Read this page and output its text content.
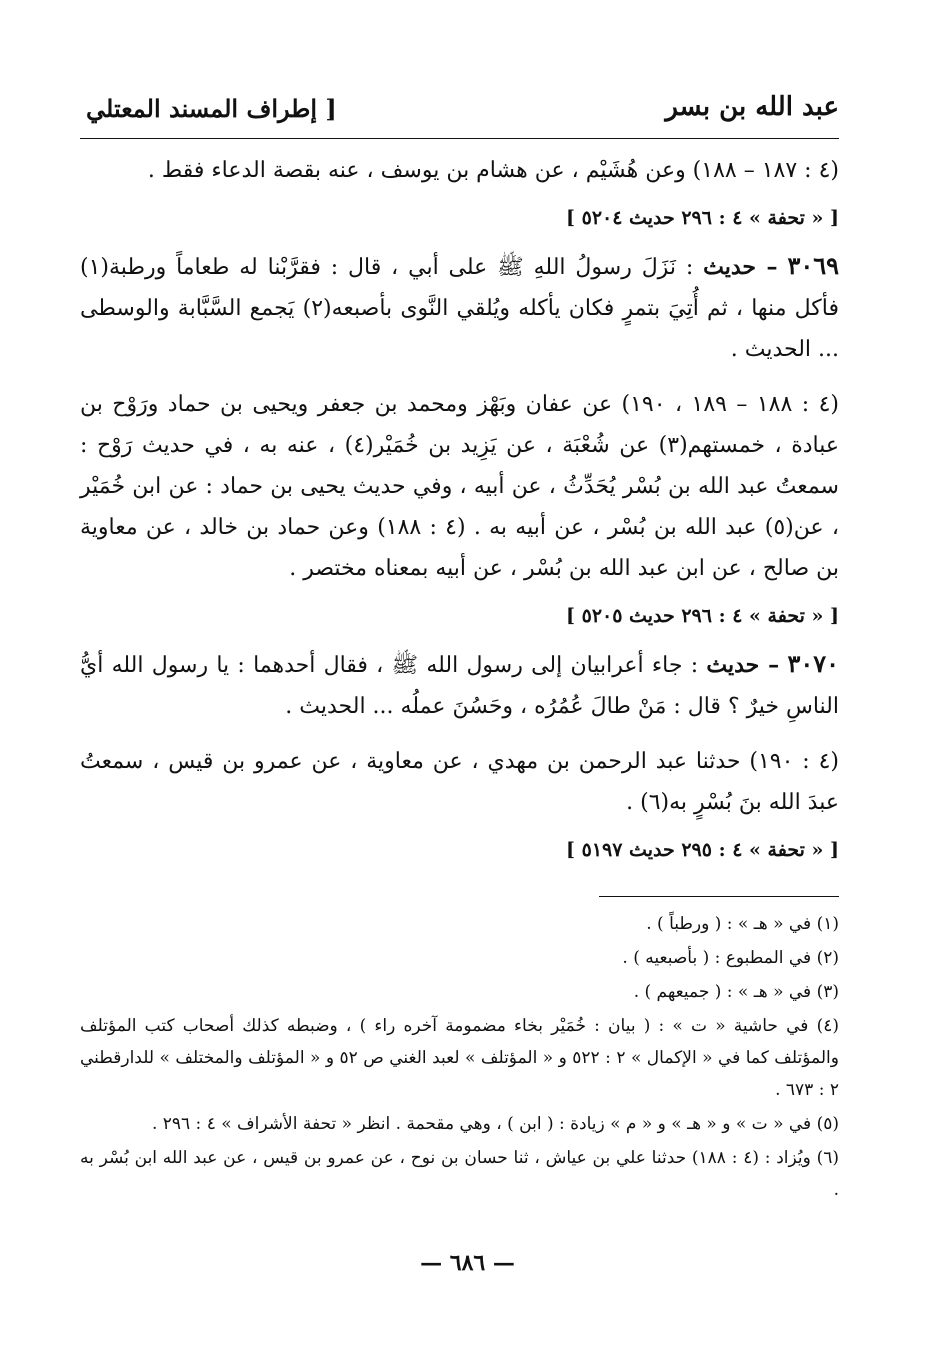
عبد الله بن بسر
[ إطراف المسند المعتلي

(٤ : ١٨٧ – ١٨٨) وعن هُشَيْم ، عن هشام بن يوسف ، عنه بقصة الدعاء فقط .

[ « تحفة » ٤ : ٢٩٦ حديث ٥٢٠٤ ]

٣٠٦٩ – حديث : نَزَلَ رسولُ اللهِ ﷺ على أبي ، قال : فقرَّبْنا له طعاماً ورطبة(١) فأكل منها ، ثم أُتِيَ بتمرٍ فكان يأكله ويُلقي النَّوى بأصبعه(٢) يَجمع السَّبَّابة والوسطى ... الحديث .

(٤ : ١٨٨ – ١٨٩ ، ١٩٠) عن عفان وبَهْز ومحمد بن جعفر ويحيى بن حماد ورَوْح بن عبادة ، خمستهم(٣) عن شُعْبَة ، عن يَزِيد بن خُمَيْر(٤) ، عنه به ، في حديث رَوْح : سمعتُ عبد الله بن بُسْر يُحَدِّثُ ، عن أبيه ، وفي حديث يحيى بن حماد : عن ابن خُمَيْر ، عن(٥) عبد الله بن بُسْر ، عن أبيه به . (٤ : ١٨٨) وعن حماد بن خالد ، عن معاوية بن صالح ، عن ابن عبد الله بن بُسْر ، عن أبيه بمعناه مختصر .

[ « تحفة » ٤ : ٢٩٦ حديث ٥٢٠٥ ]

٣٠٧٠ – حديث : جاء أعرابيان إلى رسول الله ﷺ ، فقال أحدهما : يا رسول الله أيُّ الناسِ خيرٌ ؟ قال : مَنْ طالَ عُمُرُه ، وحَسُنَ عملُه ... الحديث .

(٤ : ١٩٠) حدثنا عبد الرحمن بن مهدي ، عن معاوية ، عن عمرو بن قيس ، سمعتُ عبدَ الله بنَ بُسْرٍ به(٦) .

[ « تحفة » ٤ : ٢٩٥ حديث ٥١٩٧ ]

(١) في « هـ » : ( ورطباً ) .

(٢) في المطبوع : ( بأصبعيه ) .

(٣) في « هـ » : ( جميعهم ) .

(٤) في حاشية « ت » : ( بيان : خُمَيْر بخاء مضمومة آخره راء ) ، وضبطه كذلك أصحاب كتب المؤتلف والمؤتلف كما في « الإكمال » ٢ : ٥٢٢ و « المؤتلف » لعبد الغني ص ٥٢ و « المؤتلف والمختلف » للدارقطني ٢ : ٦٧٣ .

(٥) في « ت » و « هـ » و « م » زيادة : ( ابن ) ، وهي مقحمة . انظر « تحفة الأشراف » ٤ : ٢٩٦ .

(٦) ويُزاد : (٤ : ١٨٨) حدثنا علي بن عياش ، ثنا حسان بن نوح ، عن عمرو بن قيس ، عن عبد الله ابن بُسْر به .

— ٦٨٦ —
